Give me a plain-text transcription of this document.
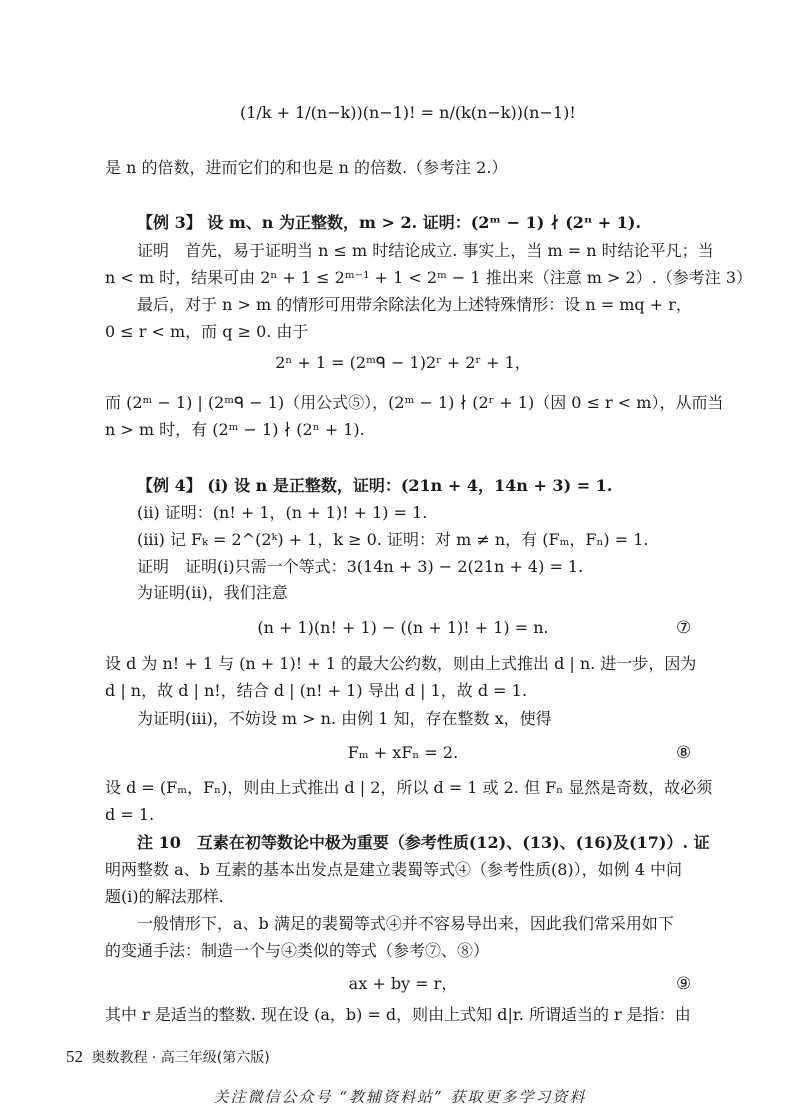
(1/k + 1/(n−k))(n−1)! = n/(k(n−k))(n−1)!
是 n 的倍数，进而它们的和也是 n 的倍数.（参考注 2.）
【例 3】 设 m、n 为正整数，m > 2. 证明：(2ᵐ − 1) ∤ (2ⁿ + 1).
证明　首先，易于证明当 n ≤ m 时结论成立. 事实上，当 m = n 时结论平凡；当
n < m 时，结果可由 2ⁿ + 1 ≤ 2ᵐ⁻¹ + 1 < 2ᵐ − 1 推出来（注意 m > 2）.（参考注 3）
最后，对于 n > m 的情形可用带余除法化为上述特殊情形：设 n = mq + r，
0 ≤ r < m，而 q ≥ 0. 由于
2ⁿ + 1 = (2ᵐᑫ − 1)2ʳ + 2ʳ + 1，
而 (2ᵐ − 1) | (2ᵐᑫ − 1)（用公式⑤），(2ᵐ − 1) ∤ (2ʳ + 1)（因 0 ≤ r < m），从而当
n > m 时，有 (2ᵐ − 1) ∤ (2ⁿ + 1).
【例 4】 (i) 设 n 是正整数，证明：(21n + 4，14n + 3) = 1.
(ii) 证明：(n! + 1，(n + 1)! + 1) = 1.
(iii) 记 Fₖ = 2^(2ᵏ) + 1，k ≥ 0. 证明：对 m ≠ n，有 (Fₘ，Fₙ) = 1.
证明　证明(i)只需一个等式：3(14n + 3) − 2(21n + 4) = 1.
为证明(ii)，我们注意
(n + 1)(n! + 1) − ((n + 1)! + 1) = n.	⑦
设 d 为 n! + 1 与 (n + 1)! + 1 的最大公约数，则由上式推出 d | n. 进一步，因为
d | n，故 d | n!，结合 d | (n! + 1) 导出 d | 1，故 d = 1.
为证明(iii)，不妨设 m > n. 由例 1 知，存在整数 x，使得
Fₘ + xFₙ = 2.	⑧
设 d = (Fₘ，Fₙ)，则由上式推出 d | 2，所以 d = 1 或 2. 但 Fₙ 显然是奇数，故必须
d = 1.
注 10　互素在初等数论中极为重要（参考性质(12)、(13)、(16)及(17)）. 证
明两整数 a、b 互素的基本出发点是建立裴蜀等式④（参考性质(8)），如例 4 中问
题(i)的解法那样.
一般情形下，a、b 满足的裴蜀等式④并不容易导出来，因此我们常采用如下
的变通手法：制造一个与④类似的等式（参考⑦、⑧）
ax + by = r，	⑨
其中 r 是适当的整数. 现在设 (a，b) = d，则由上式知 d|r. 所谓适当的 r 是指：由
52 奥数教程 · 高三年级(第六版)
关注微信公众号 “教辅资料站” 获取更多学习资料
